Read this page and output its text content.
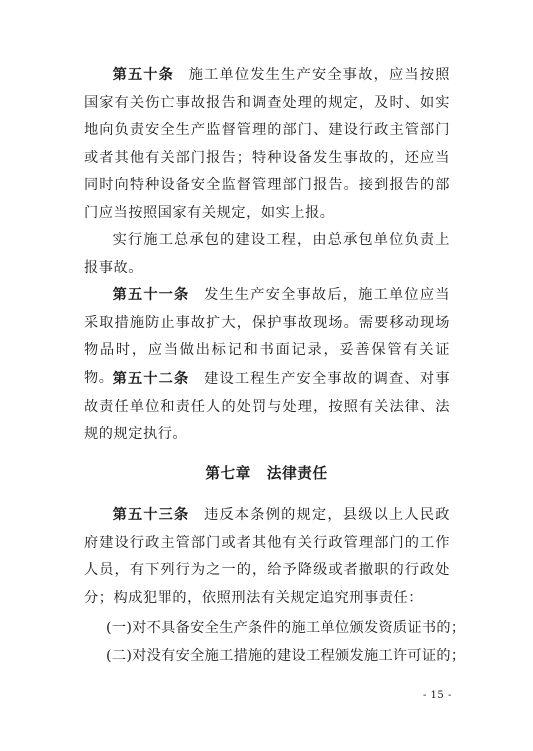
第五十条 施工单位发生生产安全事故，应当按照国家有关伤亡事故报告和调查处理的规定，及时、如实地向负责安全生产监督管理的部门、建设行政主管部门或者其他有关部门报告；特种设备发生事故的，还应当同时向特种设备安全监督管理部门报告。接到报告的部门应当按照国家有关规定，如实上报。

实行施工总承包的建设工程，由总承包单位负责上报事故。

第五十一条 发生生产安全事故后，施工单位应当采取措施防止事故扩大，保护事故现场。需要移动现场物品时，应当做出标记和书面记录，妥善保管有关证物。 第五十二条 建设工程生产安全事故的调查、对事故责任单位和责任人的处罚与处理，按照有关法律、法规的规定执行。

第七章 法律责任

第五十三条 违反本条例的规定，县级以上人民政府建设行政主管部门或者其他有关行政管理部门的工作人员，有下列行为之一的，给予降级或者撤职的行政处分；构成犯罪的，依照刑法有关规定追究刑事责任：

(一)对不具备安全生产条件的施工单位颁发资质证书的；
(二)对没有安全施工措施的建设工程颁发施工许可证的；
- 15 -
